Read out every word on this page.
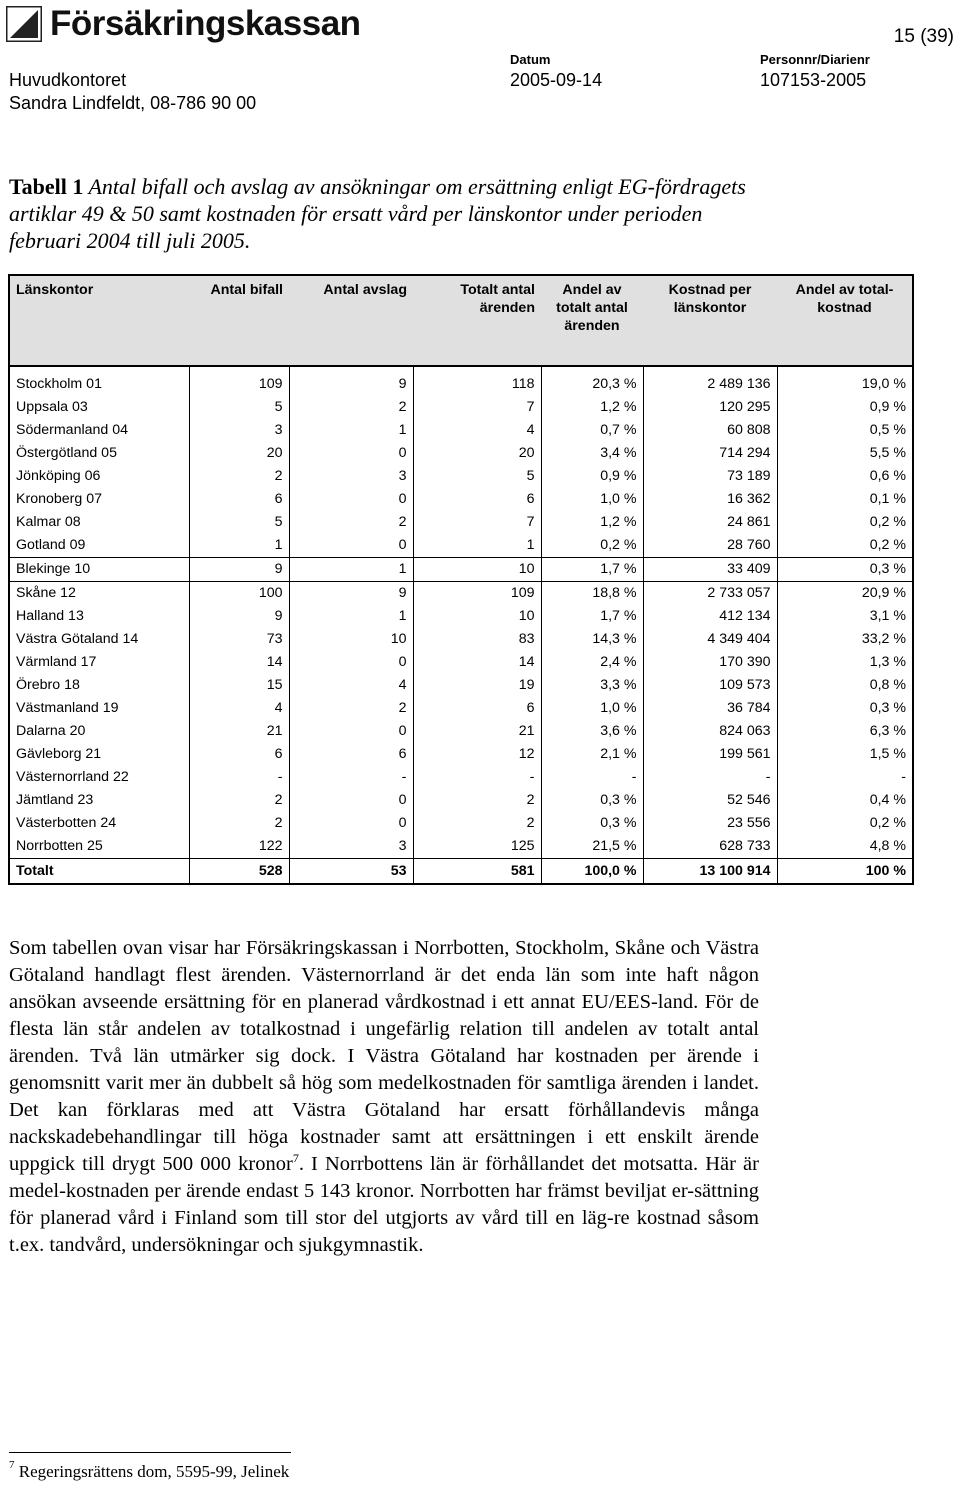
Försäkringskassan	15 (39)
Huvudkontoret
Sandra Lindfeldt, 08-786 90 00
Datum
2005-09-14
Personnr/Diarienr
107153-2005
Tabell 1 Antal bifall och avslag av ansökningar om ersättning enligt EG-fördragets artiklar 49 & 50 samt kostnaden för ersatt vård per länskontor under perioden februari 2004 till juli 2005.
Länskontor	Antal bifall	Antal avslag	Totalt antal ärenden	Andel av totalt antal ärenden	Kostnad per länskontor	Andel av total-kostnad

Stockholm 01	109	9	118	20,3 %	2 489 136	19,0 %
Uppsala 03	5	2	7	1,2 %	120 295	0,9 %
Södermanland 04	3	1	4	0,7 %	60 808	0,5 %
Östergötland 05	20	0	20	3,4 %	714 294	5,5 %
Jönköping 06	2	3	5	0,9 %	73 189	0,6 %
Kronoberg 07	6	0	6	1,0 %	16 362	0,1 %
Kalmar 08	5	2	7	1,2 %	24 861	0,2 %
Gotland 09	1	0	1	0,2 %	28 760	0,2 %
Blekinge 10	9	1	10	1,7 %	33 409	0,3 %
Skåne 12	100	9	109	18,8 %	2 733 057	20,9 %
Halland 13	9	1	10	1,7 %	412 134	3,1 %
Västra Götaland 14	73	10	83	14,3 %	4 349 404	33,2 %
Värmland 17	14	0	14	2,4 %	170 390	1,3 %
Örebro 18	15	4	19	3,3 %	109 573	0,8 %
Västmanland 19	4	2	6	1,0 %	36 784	0,3 %
Dalarna 20	21	0	21	3,6 %	824 063	6,3 %
Gävleborg 21	6	6	12	2,1 %	199 561	1,5 %
Västernorrland 22	-	-	-	-	-	-
Jämtland 23	2	0	2	0,3 %	52 546	0,4 %
Västerbotten 24	2	0	2	0,3 %	23 556	0,2 %
Norrbotten 25	122	3	125	21,5 %	628 733	4,8 %
Totalt	528	53	581	100,0 %	13 100 914	100 %

Som tabellen ovan visar har Försäkringskassan i Norrbotten, Stockholm, Skåne och Västra Götaland handlagt flest ärenden. Västernorrland är det enda län som inte haft någon ansökan avseende ersättning för en planerad vårdkostnad i ett annat EU/EES-land. För de flesta län står andelen av totalkostnad i ungefärlig relation till andelen av totalt antal ärenden. Två län utmärker sig dock. I Västra Götaland har kostnaden per ärende i genomsnitt varit mer än dubbelt så hög som medelkostnaden för samtliga ärenden i landet. Det kan förklaras med att Västra Götaland har ersatt förhållandevis många nackskadebehandlingar till höga kostnader samt att ersättningen i ett enskilt ärende uppgick till drygt 500 000 kronor$^7$. I Norrbottens län är förhållandet det motsatta. Här är medel-kostnaden per ärende endast 5 143 kronor. Norrbotten har främst beviljat er-sättning för planerad vård i Finland som till stor del utgjorts av vård till en läg-re kostnad såsom t.ex. tandvård, undersökningar och sjukgymnastik.

$^7$ Regeringsrättens dom, 5595-99, Jelinek
